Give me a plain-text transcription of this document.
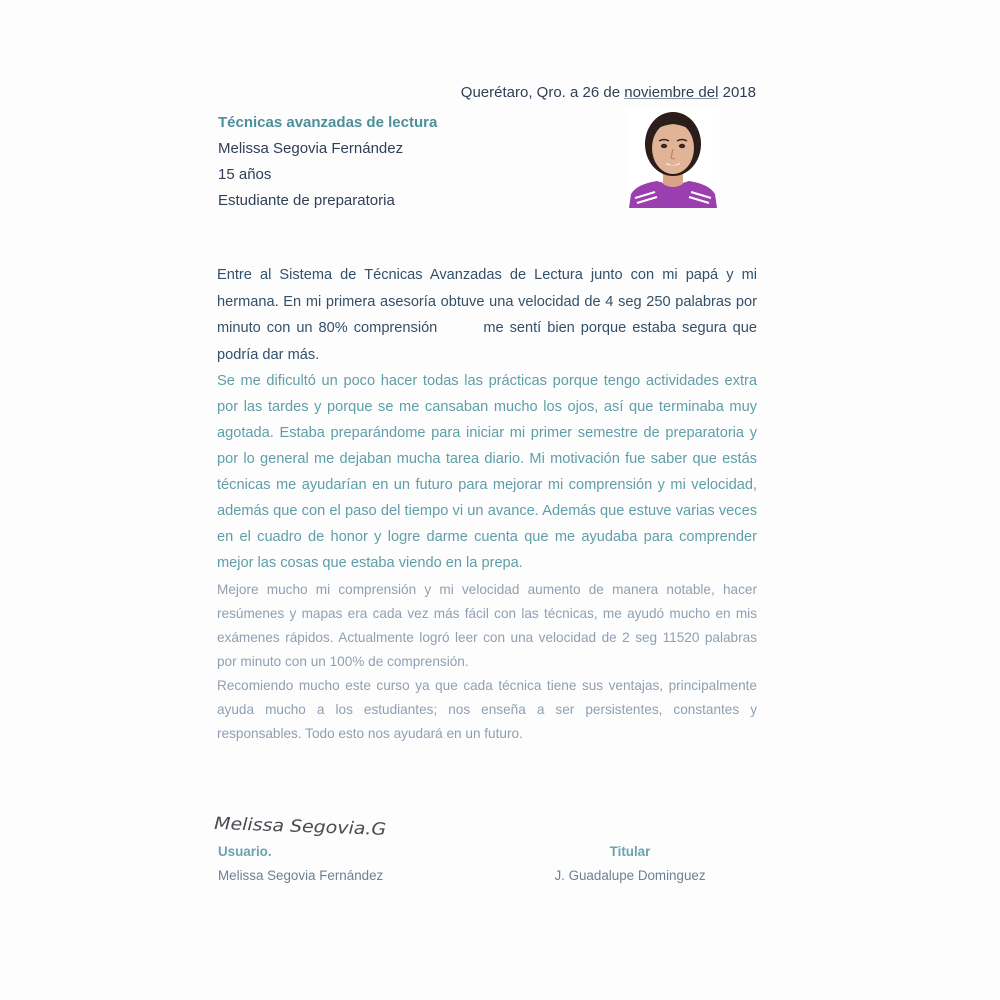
Querétaro, Qro. a 26 de noviembre del 2018
Técnicas avanzadas de lectura
Melissa Segovia Fernández
15 años
Estudiante de preparatoria

Entre al Sistema de Técnicas Avanzadas de Lectura junto con mi papá y mi hermana. En mi primera asesoría obtuve una velocidad de 4 seg 250 palabras por minuto con un 80% comprensión	me sentí bien porque estaba segura que podría dar más.

Se me dificultó un poco hacer todas las prácticas porque tengo actividades extra por las tardes y porque se me cansaban mucho los ojos, así que terminaba muy agotada. Estaba preparándome para iniciar mi primer semestre de preparatoria y por lo general me dejaban mucha tarea diario. Mi motivación fue saber que estás técnicas me ayudarían en un futuro para mejorar mi comprensión y mi velocidad, además que con el paso del tiempo vi un avance. Además que estuve varias veces en el cuadro de honor y logre darme cuenta que me ayudaba para comprender mejor las cosas que estaba viendo en la prepa.

Mejore mucho mi comprensión y mi velocidad aumento de manera notable, hacer resúmenes y mapas era cada vez más fácil con las técnicas, me ayudó mucho en mis exámenes rápidos. Actualmente logró leer con una velocidad de 2 seg 11520 palabras por minuto con un 100% de comprensión.

Recomiendo mucho este curso ya que cada técnica tiene sus ventajas, principalmente ayuda mucho a los estudiantes; nos enseña a ser persistentes, constantes y responsables. Todo esto nos ayudará en un futuro.

Melissa Segovia.G
Usuario.
Melissa Segovia Fernández
Titular
J. Guadalupe Dominguez
